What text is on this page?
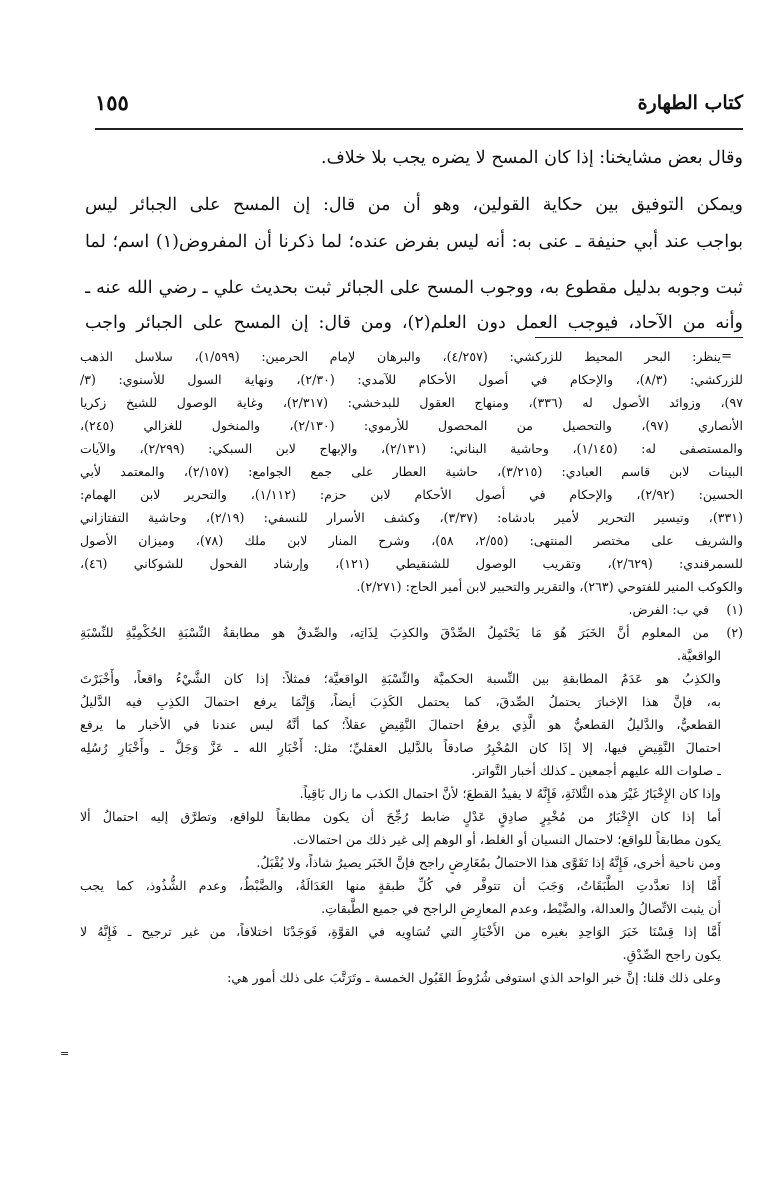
كتاب الطهارة
١٥٥
وقال بعض مشايخنا: إذا كان المسح لا يضره يجب بلا خلاف.
ويمكن التوفيق بين حكاية القولين، وهو أن من قال: إن المسح على الجبائر ليس
بواجب عند أبي حنيفة ـ عنى به: أنه ليس بفرض عنده؛ لما ذكرنا أن المفروض(١) اسم؛ لما
ثبت وجوبه بدليل مقطوع به، ووجوب المسح على الجبائر ثبت بحديث علي ـ رضي الله عنه ـ
وأنه من الآحاد، فيوجب العمل دون العلم(٢)، ومن قال: إن المسح على الجبائر واجب
=
ينظر: البحر المحيط للزركشي: (٤/٢٥٧)، والبرهان لإمام الحرمين: (١/٥٩٩)، سلاسل الذهب
للزركشي: (٨/٣)، والإحكام في أصول الأحكام للآمدي: (٢/٣٠)، ونهاية السول للأسنوي: (٣/
٩٧)، وزوائد الأصول له (٣٣٦)، ومنهاج العقول للبدخشي: (٢/٣١٧)، وغاية الوصول للشيخ زكريا
الأنصاري (٩٧)، والتحصيل من المحصول للأرموي: (٢/١٣٠)، والمنخول للغزالي (٢٤٥)،
والمستصفى له: (١/١٤٥)، وحاشية البناني: (٢/١٣١)، والإبهاج لابن السبكي: (٢/٢٩٩)، والآيات
البينات لابن قاسم العبادي: (٣/٢١٥)، حاشية العطار على جمع الجوامع: (٢/١٥٧)، والمعتمد لأبي
الحسين: (٢/٩٢)، والإحكام في أصول الأحكام لابن حزم: (١/١١٢)، والتحرير لابن الهمام:
(٣٣١)، وتيسير التحرير لأمير بادشاه: (٣/٣٧)، وكشف الأسرار للنسفي: (٢/١٩)، وحاشية التفتازاني
والشريف على مختصر المنتهى: (٢/٥٥، ٥٨)، وشرح المنار لابن ملك (٧٨)، وميزان الأصول
للسمرقندي: (٢/٦٢٩)، وتقريب الوصول للشنقيطي (١٢١)، وإرشاد الفحول للشوكاني (٤٦)،
والكوكب المنير للفتوحي (٢٦٣)، والتقرير والتحبير لابن أمير الحاج: (٢/٢٧١).
(١)في ب: الفرض.
(٢)من المعلوم أنَّ الخَبَرَ هُوَ مَا يَحْتَمِلُ الصِّدْقَ والكذِبَ لِذَاتِه، والصِّدقُ هو مطابقةُ النِّسْبَةِ الحُكْمِيَّةِ للنِّسْبَةِ
الواقعيَّة.
والكذِبُ هو عَدَمُ المطابقةِ بين النِّسبة الحكميَّة والنِّسْبَةِ الواقعيَّة؛ فمثلاً: إذا كان الشَّيْءُ واقعاً، وأَخْبَرْتَ
به، فإنَّ هذا الإخبارَ يحتملُ الصِّدقَ، كما يحتمل الكَذِبَ أيضاً، وَإِنَّمَا يرفع احتمالَ الكذِبِ فيه الدَّليلُ
القطعيُّ، والدَّليلُ القطعيُّ هو الَّذِي يرفعُ احتمالَ النَّقِيضِ عقلاً؛ كما أنَّهُ ليس عندنا في الأخبار ما يرفع
احتمالَ النَّقِيضِ فيها، إلا إذَا كان المُخْبِرُ صادقاً بالدَّليل العقليِّ؛ مثل: أَخْبَارِ الله ـ عَزَّ وَجَلَّ ـ وأَخْبَارِ رُسُلِه
ـ صلوات الله عليهم أجمعين ـ كذلك أخبار التَّواتر.
وإذا كان الإِخْبَارُ غَيْرَ هذه الثَّلاثَةِ، فَإِنَّهُ لا يفيدُ القطعَ؛ لأنَّ احتمال الكذب ما زال بَاقِياً.
أما إذا كان الإِخْبَارُ من مُخْبِرٍ صادِقٍ عَدْلٍ ضابط رُجِّحَ أن يكون مطابقاً للواقع، وتطرَّق إليه احتمالُ ألا
يكون مطابقاً للواقع؛ لاحتمال النسيان أو الغلط، أو الوهم إلى غير ذلك من احتمالات.
ومن ناحية أخرى، فَإِنَّهُ إذا تَقَوَّى هذا الاحتمالُ بمُعَارِضٍ راجح فإنَّ الخَبَر يصيرُ شاذاً، ولا يُقْبَلُ.
أَمَّا إذا تعدَّدتِ الطَّبَقَاتُ، وَجَبَ أن تتوفَّر في كُلِّ طبقةٍ منها العَدَالَةُ، والضَّبْطُ، وعدم الشُّذُوذ، كما يجب
أن يثبت الاتِّصالُ والعدالة، والضَّبْط، وعدم المعارِضِ الراجح في جميع الطَّبقاتِ.
أَمَّا إذا قِسْنَا خَبَرَ الوَاحِدِ بغيره من الأَخْبَارِ التي تُسَاوِيه في القوَّةِ، فَوَجَدْنَا اختلافاً، من غير ترجيح ـ فَإِنَّهُ لا
يكون راجح الصِّدْقِ.
وعلى ذلك قلنا: إنَّ خبر الواحد الذي استوفى شُرُوطَ القَبُول الخمسة ـ وتَرَتَّبَ على ذلك أمور هي:
=
